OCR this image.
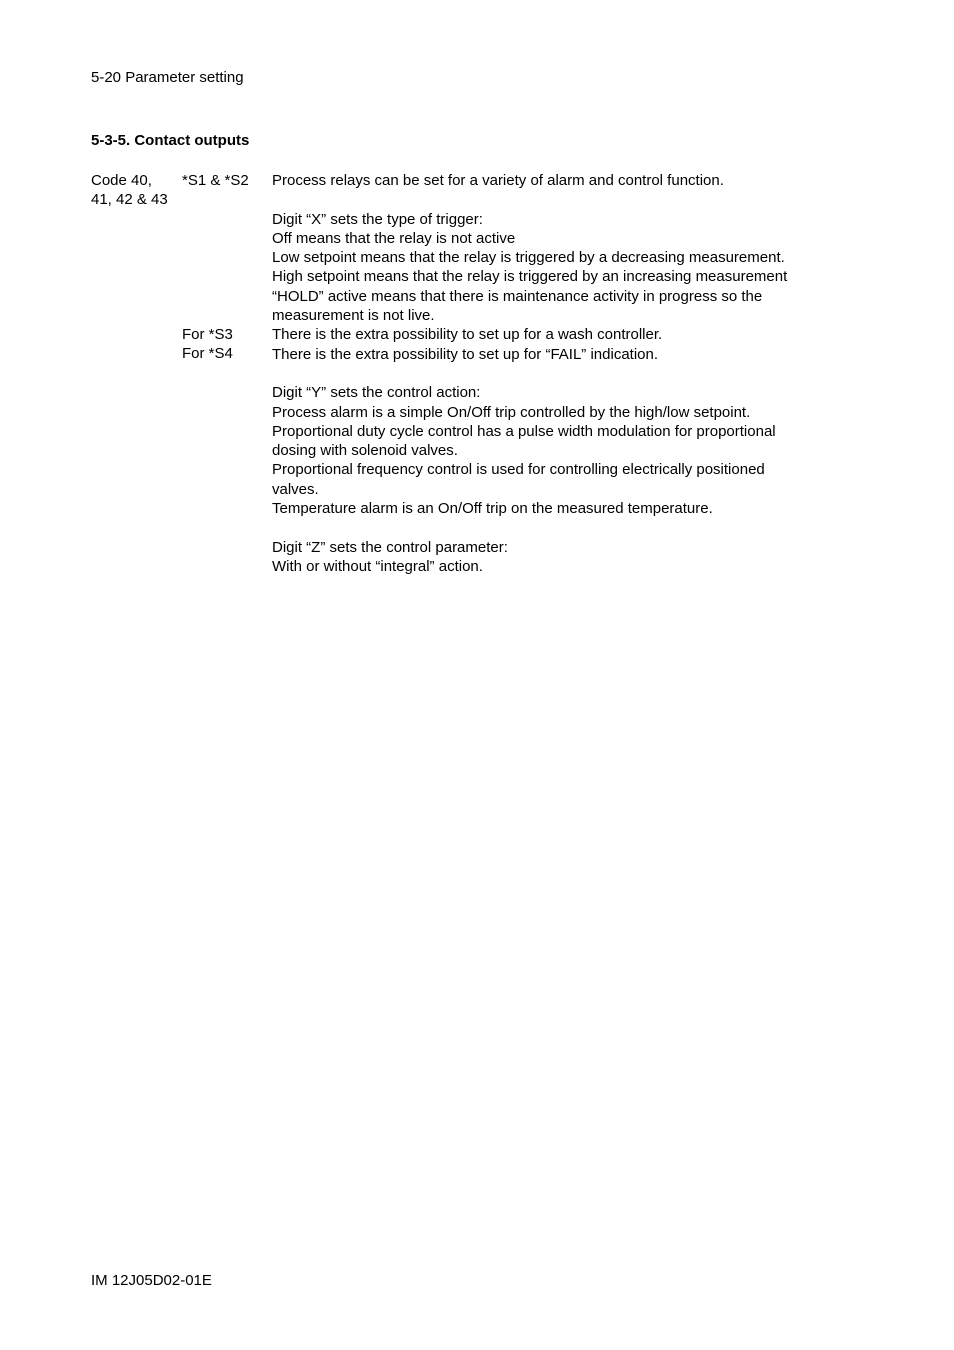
5-20 Parameter setting
5-3-5. Contact outputs
Code 40,
41, 42 & 43
*S1 & *S2
For *S3
For *S4

Process relays can be set for a variety of alarm and control function.

Digit “X” sets the type of trigger:

Off means that the relay is not active

Low setpoint means that the relay is triggered by a decreasing measurement.

High setpoint means that the relay is triggered by an increasing measurement

“HOLD” active means that there is maintenance activity in progress so the

measurement is not live.

There is the extra possibility to set up for a wash controller.

There is the extra possibility to set up for “FAIL” indication.

Digit “Y” sets the control action:

Process alarm is a simple On/Off trip controlled by the high/low setpoint.

Proportional duty cycle control has a pulse width modulation for proportional

dosing with solenoid valves.

Proportional frequency control is used for controlling electrically positioned

valves.

Temperature alarm is an On/Off trip on the measured temperature.

Digit “Z” sets the control parameter:

With or without “integral” action.

IM 12J05D02-01E
